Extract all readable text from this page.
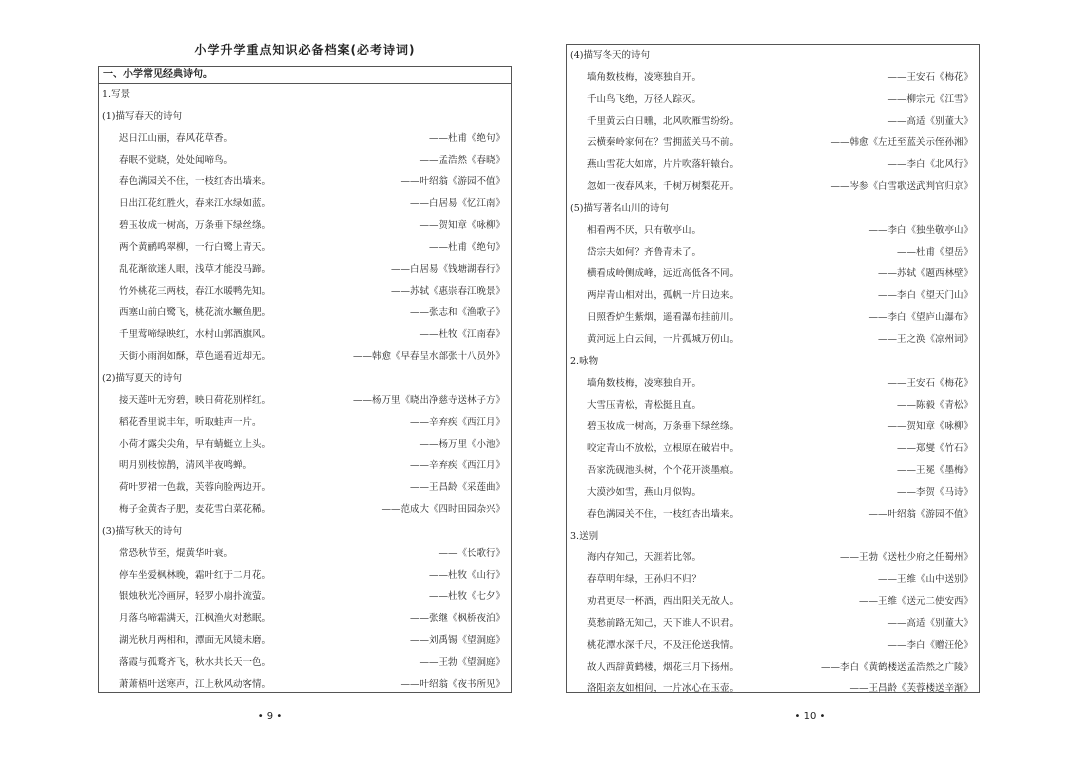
小学升学重点知识必备档案(必考诗词)
一、小学常见经典诗句。
1.写景
(1)描写春天的诗句
迟日江山丽，春风花草香。	——杜甫《绝句》
春眠不觉晓，处处闻啼鸟。	——孟浩然《春晓》
春色满园关不住，一枝红杏出墙来。	——叶绍翁《游园不值》
日出江花红胜火，春来江水绿如蓝。	——白居易《忆江南》
碧玉妆成一树高，万条垂下绿丝绦。	——贺知章《咏柳》
两个黄鹂鸣翠柳，一行白鹭上青天。	——杜甫《绝句》
乱花渐欲迷人眼，浅草才能没马蹄。	——白居易《钱塘湖春行》
竹外桃花三两枝，春江水暖鸭先知。	——苏轼《惠崇春江晚景》
西塞山前白鹭飞，桃花流水鳜鱼肥。	——张志和《渔歌子》
千里莺啼绿映红，水村山郭酒旗风。	——杜牧《江南春》
天街小雨润如酥，草色遥看近却无。	——韩愈《早春呈水部张十八员外》
(2)描写夏天的诗句
接天莲叶无穷碧，映日荷花别样红。	——杨万里《晓出净慈寺送林子方》
稻花香里说丰年，听取蛙声一片。	——辛弃疾《西江月》
小荷才露尖尖角，早有蜻蜓立上头。	——杨万里《小池》
明月别枝惊鹊，清风半夜鸣蝉。	——辛弃疾《西江月》
荷叶罗裙一色裁，芙蓉向脸两边开。	——王昌龄《采莲曲》
梅子金黄杏子肥，麦花雪白菜花稀。	——范成大《四时田园杂兴》
(3)描写秋天的诗句
常恐秋节至，焜黄华叶衰。	——《长歌行》
停车坐爱枫林晚，霜叶红于二月花。	——杜牧《山行》
银烛秋光冷画屏，轻罗小扇扑流萤。	——杜牧《七夕》
月落乌啼霜满天，江枫渔火对愁眠。	——张继《枫桥夜泊》
湖光秋月两相和，潭面无风镜未磨。	——刘禹锡《望洞庭》
落霞与孤鹜齐飞，秋水共长天一色。	——王勃《望洞庭》
萧萧梧叶送寒声，江上秋风动客情。	——叶绍翁《夜书所见》
• 9 •
(4)描写冬天的诗句
墙角数枝梅，凌寒独自开。	——王安石《梅花》
千山鸟飞绝，万径人踪灭。	——柳宗元《江雪》
千里黄云白日曛，北风吹雁雪纷纷。	——高适《别董大》
云横秦岭家何在？雪拥蓝关马不前。	——韩愈《左迁至蓝关示侄孙湘》
燕山雪花大如席，片片吹落轩辕台。	——李白《北风行》
忽如一夜春风来，千树万树梨花开。	——岑参《白雪歌送武判官归京》
(5)描写著名山川的诗句
相看两不厌，只有敬亭山。	——李白《独坐敬亭山》
岱宗夫如何？齐鲁青未了。	——杜甫《望岳》
横看成岭侧成峰，远近高低各不同。	——苏轼《题西林壁》
两岸青山相对出，孤帆一片日边来。	——李白《望天门山》
日照香炉生紫烟，遥看瀑布挂前川。	——李白《望庐山瀑布》
黄河远上白云间，一片孤城万仞山。	——王之涣《凉州词》
2.咏物
墙角数枝梅，凌寒独自开。	——王安石《梅花》
大雪压青松，青松挺且直。	——陈毅《青松》
碧玉妆成一树高，万条垂下绿丝绦。	——贺知章《咏柳》
咬定青山不放松，立根原在破岩中。	——郑燮《竹石》
吾家洗砚池头树，个个花开淡墨痕。	——王冕《墨梅》
大漠沙如雪，燕山月似钩。	——李贺《马诗》
春色满园关不住，一枝红杏出墙来。	——叶绍翁《游园不值》
3.送别
海内存知己，天涯若比邻。	——王勃《送杜少府之任蜀州》
春草明年绿，王孙归不归？	——王维《山中送别》
劝君更尽一杯酒，西出阳关无故人。	——王维《送元二使安西》
莫愁前路无知己，天下谁人不识君。	——高适《别董大》
桃花潭水深千尺，不及汪伦送我情。	——李白《赠汪伦》
故人西辞黄鹤楼，烟花三月下扬州。	——李白《黄鹤楼送孟浩然之广陵》
洛阳亲友如相问，一片冰心在玉壶。	——王昌龄《芙蓉楼送辛渐》
• 10 •
